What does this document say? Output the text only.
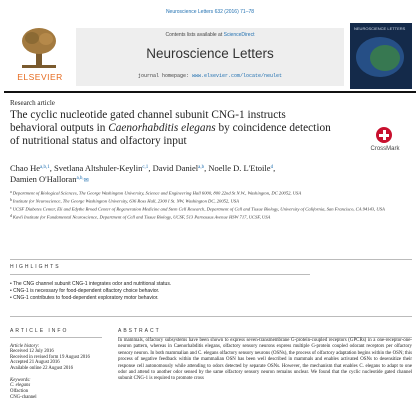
Neuroscience Letters 632 (2016) 71–78
ELSEVIER
Contents lists available at ScienceDirect
Neuroscience Letters
journal homepage: www.elsevier.com/locate/neulet
NEUROSCIENCE LETTERS
Research article
The cyclic nucleotide gated channel subunit CNG-1 instructs behavioral outputs in Caenorhabditis elegans by coincidence detection of nutritional status and olfactory input
CrossMark
Chao He$^{a,b,1}$, Svetlana Altshuler-Keylin$^{c,1}$, David Daniel$^{a,b}$, Noelle D. L'Etoile$^d$,
Damien O'Halloran$^{a,b,}$✉
$^a$Department of Biological Sciences, The George Washington University, Science and Engineering Hall 6000, 800 22nd St N.W., Washington, DC 20052, USA
$^b$Institute for Neuroscience, The George Washington University, 636 Ross Hall, 2300 I St. NW, Washington DC, 20052, USA
$^c$UCSF Diabetes Center, Eli and Edythe Broad Center of Regeneration Medicine and Stem Cell Research, Department of Cell and Tissue Biology, University of California, San Francisco, CA 94143, USA
$^d$Kavli Institute for Fundamental Neuroscience, Department of Cell and Tissue Biology, UCSF, 513 Parnassus Avenue HSW 717, UCSF, USA
HIGHLIGHTS
• The CNG channel subunit CNG-1 integrates odor and nutritional status.
• CNG-1 is necessary for food-dependent olfactory choice behavior.
• CNG-1 contributes to food-dependent exploratory motor behavior.
ARTICLE INFO
Article history:
Received 12 July 2016
Received in revised form 19 August 2016
Accepted 21 August 2016
Available online 22 August 2016
Keywords:
C. elegans
Olfaction
CNG-channel
ABSTRACT
In mammals, olfactory subsystems have been shown to express seven-transmembrane G-protein-coupled receptors (GPCRs) in a one-receptor-one-neuron pattern, whereas in Caenorhabditis elegans, olfactory sensory neurons express multiple G-protein coupled odorant receptors per olfactory sensory neuron. In both mammalian and C. elegans olfactory sensory neurons (OSNs), the process of olfactory adaptation begins within the OSN; this process of negative feedback within the mammalian OSN has been well described in mammals and enables activated OSNs to desensitize their response cell autonomously while attending to odors detected by separate OSNs. However, the mechanism that enables C. elegans to adapt to one odor and attend to another odor sensed by the same olfactory sensory neuron remains unclear. We found that the cyclic nucleotide gated channel subunit CNG-1 is required to promote cross
